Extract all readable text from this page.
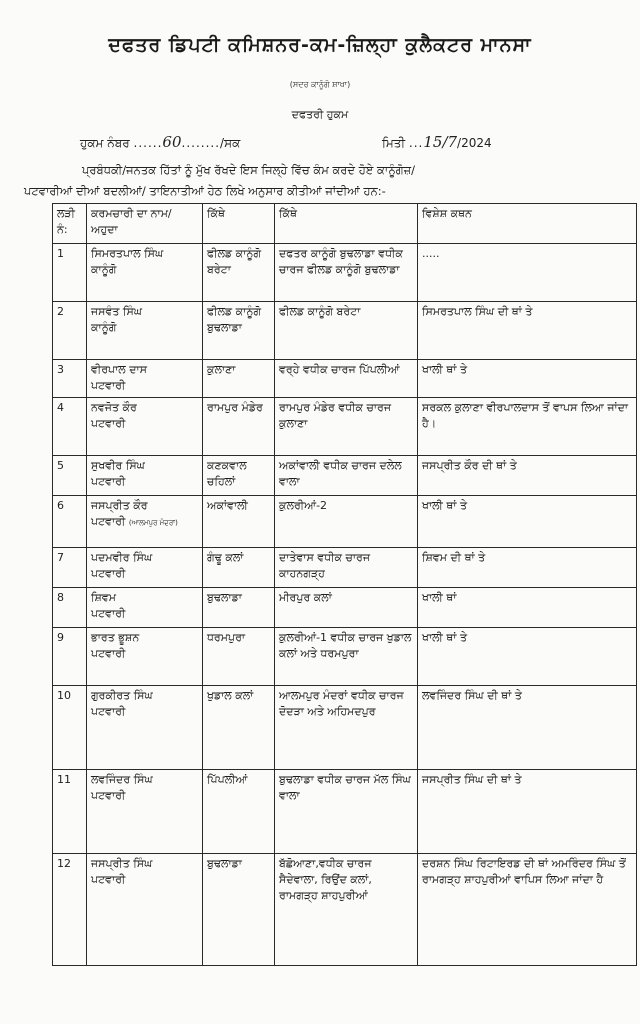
ਦਫਤਰ ਡਿਪਟੀ ਕਮਿਸ਼ਨਰ-ਕਮ-ਜ਼ਿਲ੍ਹਾ ਕੁਲੈਕਟਰ ਮਾਨਸਾ
(ਸਦਰ ਕਾਨੂੰਗੋ ਸ਼ਾਖਾ)
ਦਫਤਰੀ ਹੁਕਮ
ਹੁਕਮ ਨੰਬਰ ......60......../ਸਕ	ਮਿਤੀ ...15/7/2024

ਪ੍ਰਬੰਧਕੀ/ਜਨਤਕ ਹਿੱਤਾਂ ਨੂੰ ਮੁੱਖ ਰੱਖਦੇ ਇਸ ਜਿਲ੍ਹੇ ਵਿੱਚ ਕੰਮ ਕਰਦੇ ਹੋਏ ਕਾਨੂੰਗੋਜ਼/

ਪਟਵਾਰੀਆਂ ਦੀਆਂ ਬਦਲੀਆਂ/ ਤਾਇਨਾਤੀਆਂ ਹੇਠ ਲਿਖੇ ਅਨੁਸਾਰ ਕੀਤੀਆਂ ਜਾਂਦੀਆਂ ਹਨ:-

ਲੜੀ ਨੰ:	ਕਰਮਚਾਰੀ ਦਾ ਨਾਮ/ਅਹੁਦਾ	ਕਿੱਥੇ	ਕਿੱਥੇ	ਵਿਸ਼ੇਸ਼ ਕਥਨ
1	ਸਿਮਰਤਪਾਲ ਸਿੰਘ
ਕਾਨੂੰਗੋ	ਫੀਲਡ ਕਾਨੂੰਗੋ ਬਰੇਟਾ	ਦਫਤਰ ਕਾਨੂੰਗੋ ਬੁਢਲਾਡਾ ਵਧੀਕ ਚਾਰਜ ਫੀਲਡ ਕਾਨੂੰਗੋ ਬੁਢਲਾਡਾ	.....
2	ਜਸਵੰਤ ਸਿੰਘ
ਕਾਨੂੰਗੋ	ਫੀਲਡ ਕਾਨੂੰਗੋ ਬੁਢਲਾਡਾ	ਫੀਲਡ ਕਾਨੂੰਗੋ ਬਰੇਟਾ	ਸਿਮਰਤਪਾਲ ਸਿੰਘ ਦੀ ਥਾਂ ਤੇ
3	ਵੀਰਪਾਲ ਦਾਸ
ਪਟਵਾਰੀ	ਕੁਲਾਣਾ	ਵਰ੍ਹੇ ਵਧੀਕ ਚਾਰਜ ਪਿੱਪਲੀਆਂ	ਖਾਲੀ ਥਾਂ ਤੇ
4	ਨਵਜੋਤ ਕੌਰ
ਪਟਵਾਰੀ	ਰਾਮਪੁਰ ਮੰਡੇਰ	ਰਾਮਪੁਰ ਮੰਡੇਰ ਵਧੀਕ ਚਾਰਜ ਕੁਲਾਣਾ	ਸਰਕਲ ਕੁਲਾਣਾ ਵੀਰਪਾਲਦਾਸ ਤੋਂ ਵਾਪਸ ਲਿਆ ਜਾਂਦਾ ਹੈ।
5	ਸੁਖਵੀਰ ਸਿੰਘ
ਪਟਵਾਰੀ	ਕਣਕਵਾਲ ਚਹਿਲਾਂ	ਅਕਾਂਵਾਲੀ ਵਧੀਕ ਚਾਰਜ ਦਲੇਲ ਵਾਲਾ	ਜਸਪ੍ਰੀਤ ਕੌਰ ਦੀ ਥਾਂ ਤੇ
6	ਜਸਪ੍ਰੀਤ ਕੌਰ
ਪਟਵਾਰੀ (ਆਲਮਪੁਰ ਮੰਦਰਾਂ)	ਅਕਾਂਵਾਲੀ	ਕੁਲਰੀਆਂ-2	ਖਾਲੀ ਥਾਂ ਤੇ
7	ਪਦਮਵੀਰ ਸਿੰਘ
ਪਟਵਾਰੀ	ਗੰਢੂ ਕਲਾਂ	ਦਾਤੇਵਾਸ ਵਧੀਕ ਚਾਰਜ ਕਾਹਨਗੜ੍ਹ	ਸ਼ਿਵਮ ਦੀ ਥਾਂ ਤੇ
8	ਸ਼ਿਵਮ
ਪਟਵਾਰੀ	ਬੁਢਲਾਡਾ	ਮੀਰਪੁਰ ਕਲਾਂ	ਖਾਲੀ ਥਾਂ
9	ਭਾਰਤ ਭੂਸ਼ਨ
ਪਟਵਾਰੀ	ਧਰਮਪੁਰਾ	ਕੁਲਰੀਆਂ-1 ਵਧੀਕ ਚਾਰਜ ਖੁਡਾਲ ਕਲਾਂ ਅਤੇ ਧਰਮਪੁਰਾ	ਖਾਲੀ ਥਾਂ ਤੇ
10	ਗੁਰਕੀਰਤ ਸਿੰਘ
ਪਟਵਾਰੀ	ਖੁਡਾਲ ਕਲਾਂ	ਆਲਮਪੁਰ ਮੰਦਰਾਂ ਵਧੀਕ ਚਾਰਜ ਦੋਦੜਾ ਅਤੇ ਅਹਿਮਦਪੁਰ	ਲਵਜਿੰਦਰ ਸਿੰਘ ਦੀ ਥਾਂ ਤੇ
11	ਲਵਜਿੰਦਰ ਸਿੰਘ
ਪਟਵਾਰੀ	ਪਿੱਪਲੀਆਂ	ਬੁਢਲਾਡਾ ਵਧੀਕ ਚਾਰਜ ਮੱਲ ਸਿੰਘ ਵਾਲਾ	ਜਸਪ੍ਰੀਤ ਸਿੰਘ ਦੀ ਥਾਂ ਤੇ
12	ਜਸਪ੍ਰੀਤ ਸਿੰਘ
ਪਟਵਾਰੀ	ਬੁਢਲਾਡਾ	ਬੱਛੋਆਣਾ,ਵਧੀਕ ਚਾਰਜ ਸੈਦੇਵਾਲਾ, ਰਿਉਂਦ ਕਲਾਂ, ਰਾਮਗੜ੍ਹ ਸ਼ਾਹਪੁਰੀਆਂ	ਦਰਸ਼ਨ ਸਿੰਘ ਰਿਟਾਇਰਡ ਦੀ ਥਾਂ ਅਮਰਿੰਦਰ ਸਿੰਘ ਤੋਂ ਰਾਮਗੜ੍ਹ ਸ਼ਾਹਪੁਰੀਆਂ ਵਾਪਿਸ ਲਿਆ ਜਾਂਦਾ ਹੈ
